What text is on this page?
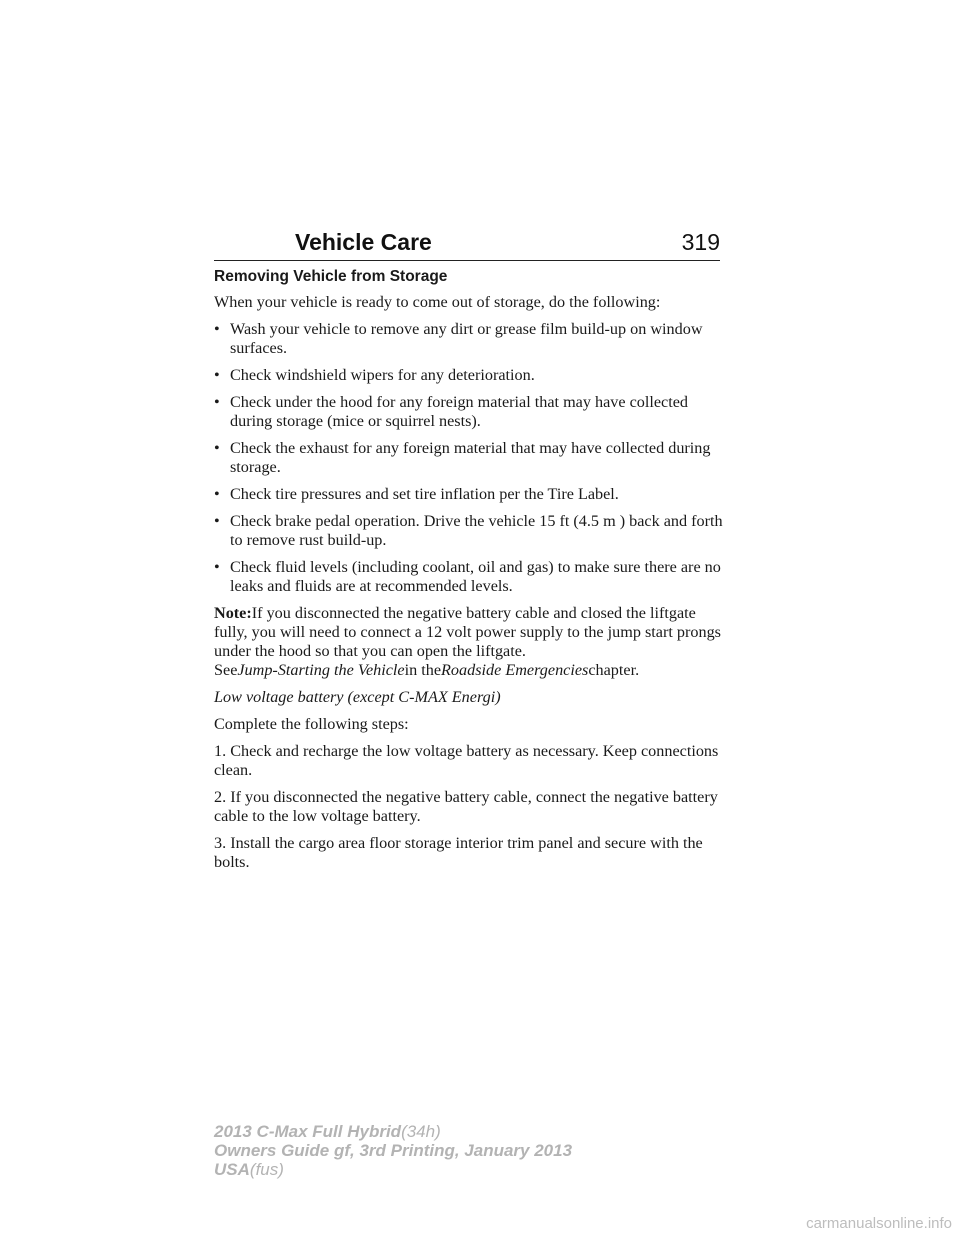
Vehicle Care	319
Removing Vehicle from Storage

When your vehicle is ready to come out of storage, do the following:

• Wash your vehicle to remove any dirt or grease film build-up on window surfaces.
• Check windshield wipers for any deterioration.
• Check under the hood for any foreign material that may have collected during storage (mice or squirrel nests).
• Check the exhaust for any foreign material that may have collected during storage.
• Check tire pressures and set tire inflation per the Tire Label.
• Check brake pedal operation. Drive the vehicle 15 ft (4.5 m ) back and forth to remove rust build-up.
• Check fluid levels (including coolant, oil and gas) to make sure there are no leaks and fluids are at recommended levels.

Note:If you disconnected the negative battery cable and closed the liftgate fully, you will need to connect a 12 volt power supply to the jump start prongs under the hood so that you can open the liftgate.
SeeJump-Starting the Vehiclein theRoadside Emergencieschapter.

Low voltage battery (except C-MAX Energi)

Complete the following steps:

1. Check and recharge the low voltage battery as necessary. Keep connections clean.

2. If you disconnected the negative battery cable, connect the negative battery cable to the low voltage battery.

3. Install the cargo area floor storage interior trim panel and secure with the bolts.

2013 C-Max Full Hybrid(34h)
Owners Guide gf, 3rd Printing, January 2013
USA(fus)
carmanualsonline.info
